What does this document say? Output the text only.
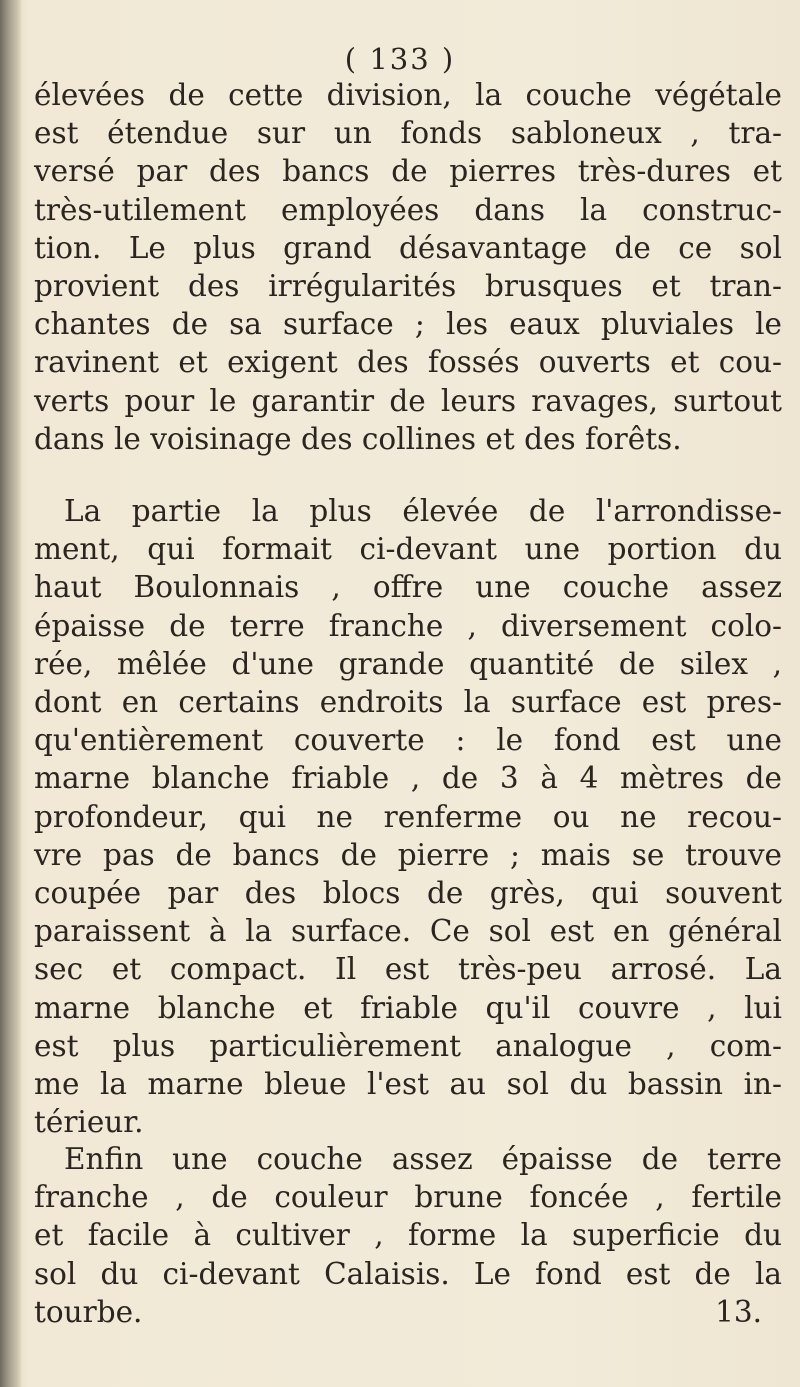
( 133 )
élevées de cette division, la couche végétale
est étendue sur un fonds sabloneux , tra-
versé par des bancs de pierres très-dures et
très-utilement employées dans la construc-
tion. Le plus grand désavantage de ce sol
provient des irrégularités brusques et tran-
chantes de sa surface ; les eaux pluviales le
ravinent et exigent des fossés ouverts et cou-
verts pour le garantir de leurs ravages, surtout
dans le voisinage des collines et des forêts.
La partie la plus élevée de l'arrondisse-
ment, qui formait ci-devant une portion du
haut Boulonnais , offre une couche assez
épaisse de terre franche , diversement colo-
rée, mêlée d'une grande quantité de silex ,
dont en certains endroits la surface est pres-
qu'entièrement couverte : le fond est une
marne blanche friable , de 3 à 4 mètres de
profondeur, qui ne renferme ou ne recou-
vre pas de bancs de pierre ; mais se trouve
coupée par des blocs de grès, qui souvent
paraissent à la surface. Ce sol est en général
sec et compact. Il est très-peu arrosé. La
marne blanche et friable qu'il couvre , lui
est plus particulièrement analogue , com-
me la marne bleue l'est au sol du bassin in-
térieur.
Enfin une couche assez épaisse de terre
franche , de couleur brune foncée , fertile
et facile à cultiver , forme la superficie du
sol du ci-devant Calaisis. Le fond est de la
tourbe.	13.
